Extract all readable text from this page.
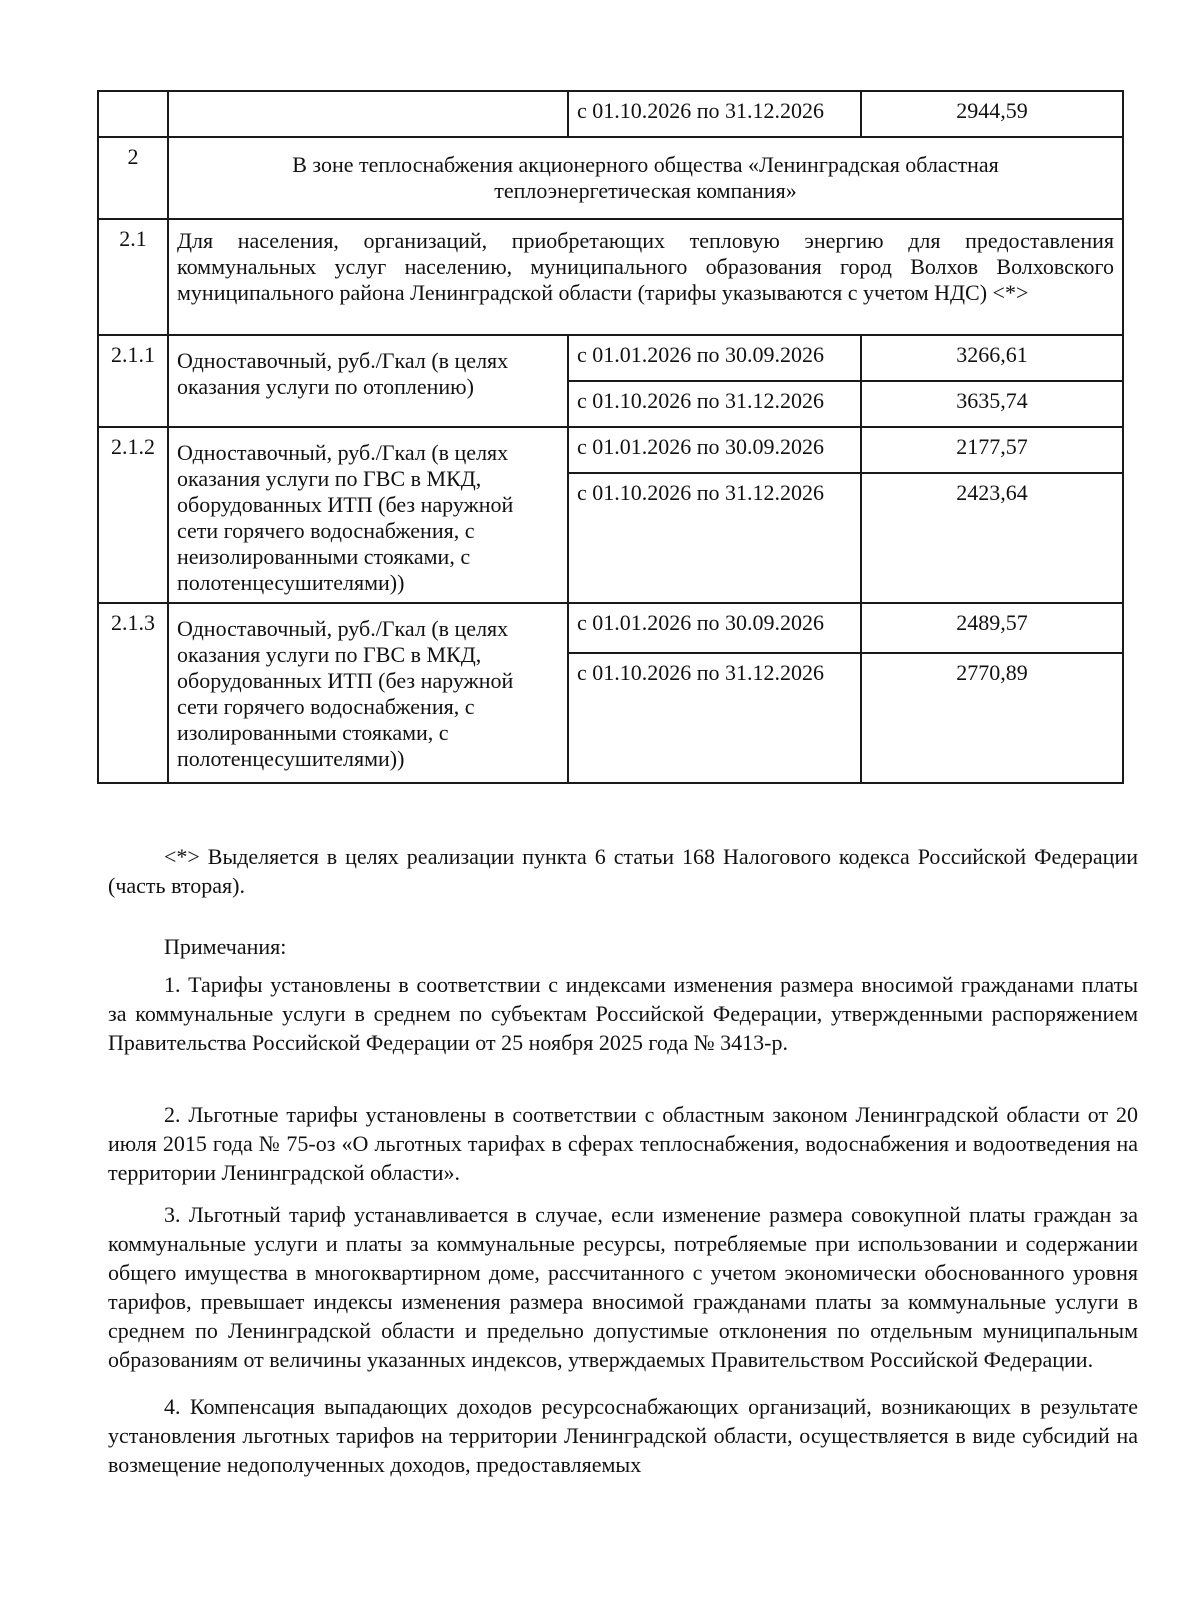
		с 01.10.2026 по 31.12.2026	2944,59
2	В зоне теплоснабжения акционерного общества «Ленинградская областная теплоэнергетическая компания»		
2.1	Для населения, организаций, приобретающих тепловую энергию для предоставления коммунальных услуг населению, муниципального образования город Волхов Волховского муниципального района Ленинградской области (тарифы указываются с учетом НДС) <*>		
2.1.1	Одноставочный, руб./Гкал (в целях оказания услуги по отоплению)	с 01.01.2026 по 30.09.2026	3266,61
		с 01.10.2026 по 31.12.2026	3635,74
2.1.2	Одноставочный, руб./Гкал (в целях оказания услуги по ГВС в МКД, оборудованных ИТП (без наружной сети горячего водоснабжения, с неизолированными стояками, с полотенцесушителями))	с 01.01.2026 по 30.09.2026	2177,57
		с 01.10.2026 по 31.12.2026	2423,64
2.1.3	Одноставочный, руб./Гкал (в целях оказания услуги по ГВС в МКД, оборудованных ИТП (без наружной сети горячего водоснабжения, с изолированными стояками, с полотенцесушителями))	с 01.01.2026 по 30.09.2026	2489,57
		с 01.10.2026 по 31.12.2026	2770,89

<*> Выделяется в целях реализации пункта 6 статьи 168 Налогового кодекса Российской Федерации (часть вторая).

Примечания:

1. Тарифы установлены в соответствии с индексами изменения размера вносимой гражданами платы за коммунальные услуги в среднем по субъектам Российской Федерации, утвержденными распоряжением Правительства Российской Федерации от 25 ноября 2025 года № 3413-р.

2. Льготные тарифы установлены в соответствии с областным законом Ленинградской области от 20 июля 2015 года № 75-оз «О льготных тарифах в сферах теплоснабжения, водоснабжения и водоотведения на территории Ленинградской области».

3. Льготный тариф устанавливается в случае, если изменение размера совокупной платы граждан за коммунальные услуги и платы за коммунальные ресурсы, потребляемые при использовании и содержании общего имущества в многоквартирном доме, рассчитанного с учетом экономически обоснованного уровня тарифов, превышает индексы изменения размера вносимой гражданами платы за коммунальные услуги в среднем по Ленинградской области и предельно допустимые отклонения по отдельным муниципальным образованиям от величины указанных индексов, утверждаемых Правительством Российской Федерации.

4. Компенсация выпадающих доходов ресурсоснабжающих организаций, возникающих в результате установления льготных тарифов на территории Ленинградской области, осуществляется в виде субсидий на возмещение недополученных доходов, предоставляемых
